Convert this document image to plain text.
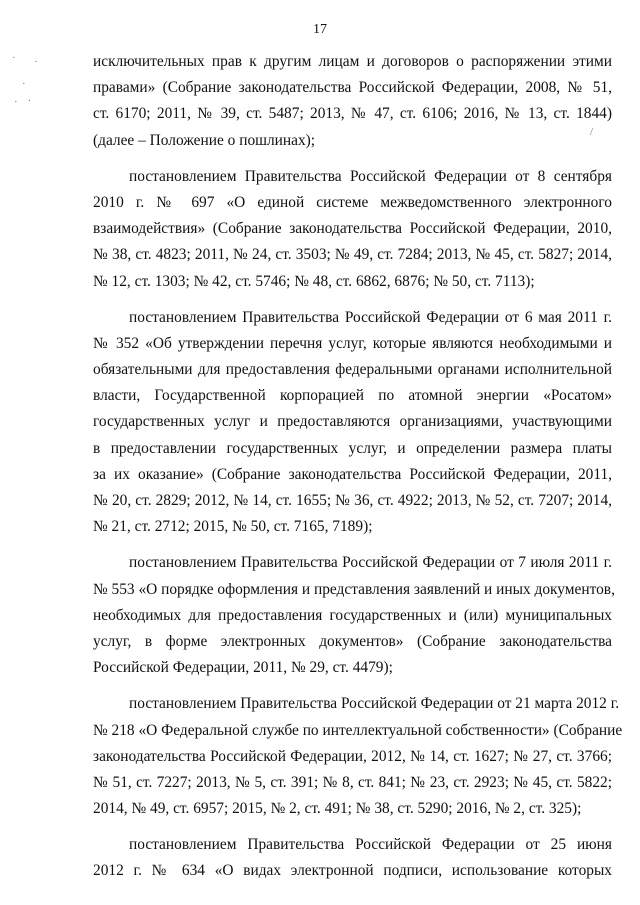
17
· ·
·
.
·
/
исключительных прав к другим лицам и договоров о распоряжении этими
правами» (Собрание законодательства Российской Федерации, 2008, № 51,
ст. 6170; 2011, № 39, ст. 5487; 2013, № 47, ст. 6106; 2016, № 13, ст. 1844)
(далее – Положение о пошлинах);
постановлением Правительства Российской Федерации от 8 сентября
2010 г. № 697 «О единой системе межведомственного электронного
взаимодействия» (Собрание законодательства Российской Федерации, 2010,
№ 38, ст. 4823; 2011, № 24, ст. 3503; № 49, ст. 7284; 2013, № 45, ст. 5827; 2014,
№ 12, ст. 1303; № 42, ст. 5746; № 48, ст. 6862, 6876; № 50, ст. 7113);
постановлением Правительства Российской Федерации от 6 мая 2011 г.
№ 352 «Об утверждении перечня услуг, которые являются необходимыми и
обязательными для предоставления федеральными органами исполнительной
власти, Государственной корпорацией по атомной энергии «Росатом»
государственных услуг и предоставляются организациями, участвующими
в предоставлении государственных услуг, и определении размера платы
за их оказание» (Собрание законодательства Российской Федерации, 2011,
№ 20, ст. 2829; 2012, № 14, ст. 1655; № 36, ст. 4922; 2013, № 52, ст. 7207; 2014,
№ 21, ст. 2712; 2015, № 50, ст. 7165, 7189);
постановлением Правительства Российской Федерации от 7 июля 2011 г.
№ 553 «О порядке оформления и представления заявлений и иных документов,
необходимых для предоставления государственных и (или) муниципальных
услуг, в форме электронных документов» (Собрание законодательства
Российской Федерации, 2011, № 29, ст. 4479);
постановлением Правительства Российской Федерации от 21 марта 2012 г.
№ 218 «О Федеральной службе по интеллектуальной собственности» (Собрание
законодательства Российской Федерации, 2012, № 14, ст. 1627; № 27, ст. 3766;
№ 51, ст. 7227; 2013, № 5, ст. 391; № 8, ст. 841; № 23, ст. 2923; № 45, ст. 5822;
2014, № 49, ст. 6957; 2015, № 2, ст. 491; № 38, ст. 5290; 2016, № 2, ст. 325);
постановлением Правительства Российской Федерации от 25 июня
2012 г. № 634 «О видах электронной подписи, использование которых
